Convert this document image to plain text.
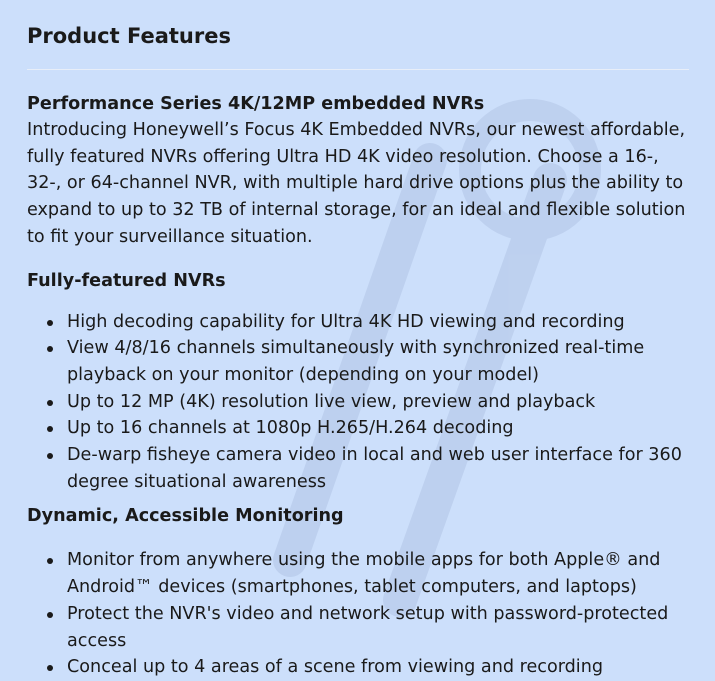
Product Features
Performance Series 4K/12MP embedded NVRs

Introducing Honeywell’s Focus 4K Embedded NVRs, our newest affordable, fully featured NVRs offering Ultra HD 4K video resolution. Choose a 16-, 32-, or 64-channel NVR, with multiple hard drive options plus the ability to expand to up to 32 TB of internal storage, for an ideal and flexible solution to fit your surveillance situation.

Fully-featured NVRs
High decoding capability for Ultra 4K HD viewing and recording
View 4/8/16 channels simultaneously with synchronized real-time playback on your monitor (depending on your model)
Up to 12 MP (4K) resolution live view, preview and playback
Up to 16 channels at 1080p H.265/H.264 decoding
De-warp fisheye camera video in local and web user interface for 360 degree situational awareness
Dynamic, Accessible Monitoring
Monitor from anywhere using the mobile apps for both Apple® and Android™ devices (smartphones, tablet computers, and laptops)
Protect the NVR's video and network setup with password-protected access
Conceal up to 4 areas of a scene from viewing and recording
